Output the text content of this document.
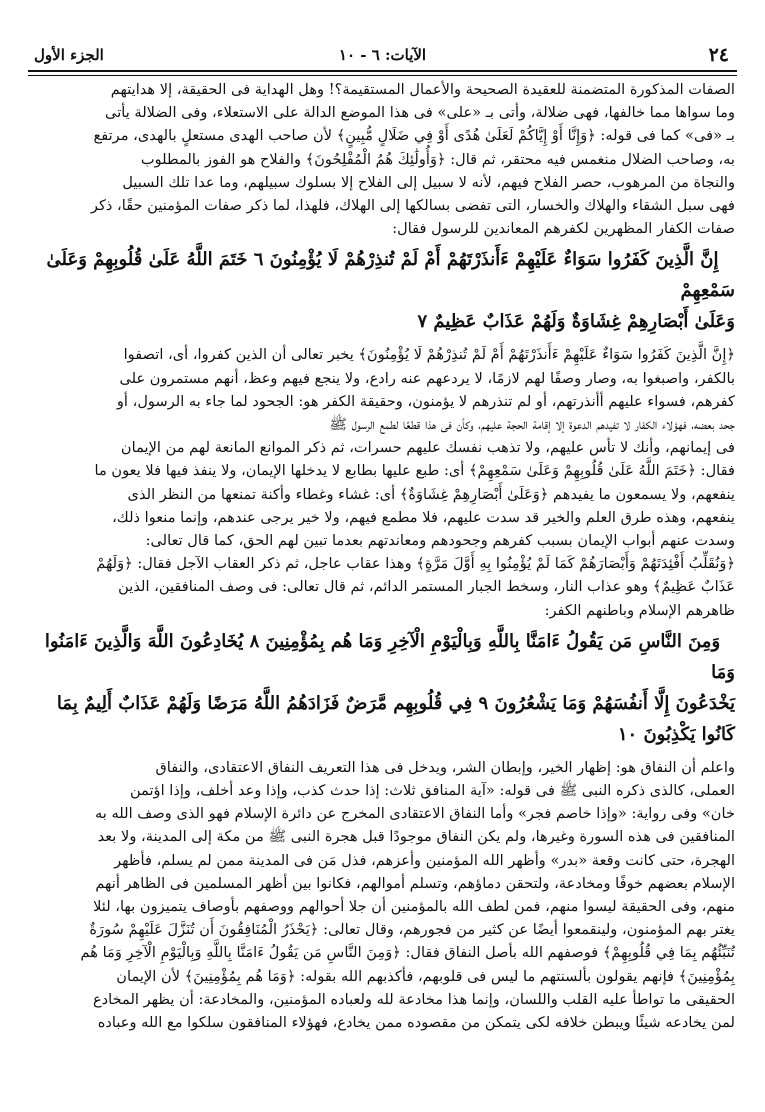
٢٤
الآيات: ٦ - ١٠
الجزء الأول

الصفات المذكورة المتضمنة للعقيدة الصحيحة والأعمال المستقيمة؟! وهل الهداية فى الحقيقة، إلا هدايتهم
وما سواها مما خالفها، فهى ضلالة، وأتى بـ «على» فى هذا الموضع الدالة على الاستعلاء، وفى الضلالة يأتى
بـ «فى» كما فى قوله: ﴿وَإِنَّا أَوْ إِيَّاكُمْ لَعَلَىٰ هُدًى أَوْ فِي ضَلَالٍ مُّبِينٍ﴾ لأن صاحب الهدى مستعلٍ بالهدى، مرتفع
به، وصاحب الضلال منغمس فيه محتقر، ثم قال: ﴿وَأُولَٰئِكَ هُمُ الْمُفْلِحُونَ﴾ والفلاح هو الفوز بالمطلوب
والنجاة من المرهوب، حصر الفلاح فيهم، لأنه لا سبيل إلى الفلاح إلا بسلوك سبيلهم، وما عدا تلك السبيل
فهى سبل الشقاء والهلاك والخسار، التى تفضى بسالكها إلى الهلاك، فلهذا، لما ذكر صفات المؤمنين حقًا، ذكر
صفات الكفار المظهرين لكفرهم المعاندين للرسول فقال:

إِنَّ الَّذِينَ كَفَرُوا سَوَاءٌ عَلَيْهِمْ ءَأَنذَرْتَهُمْ أَمْ لَمْ تُنذِرْهُمْ لَا يُؤْمِنُونَ ٦ خَتَمَ اللَّهُ عَلَىٰ قُلُوبِهِمْ وَعَلَىٰ سَمْعِهِمْ
وَعَلَىٰ أَبْصَارِهِمْ غِشَاوَةٌ وَلَهُمْ عَذَابٌ عَظِيمٌ ٧

﴿إِنَّ الَّذِينَ كَفَرُوا سَوَاءٌ عَلَيْهِمْ ءَأَنذَرْتَهُمْ أَمْ لَمْ تُنذِرْهُمْ لَا يُؤْمِنُونَ﴾ يخبر تعالى أن الذين كفروا، أى، اتصفوا
بالكفر، واصبغوا به، وصار وصفًا لهم لازمًا، لا يردعهم عنه رادع، ولا ينجع فيهم وعظ، أنهم مستمرون على
كفرهم، فسواء عليهم أأنذرتهم، أو لم تنذرهم لا يؤمنون، وحقيقة الكفر هو: الجحود لما جاء به الرسول، أو
جحد بعضه، فهؤلاء الكفار لا تفيدهم الدعوة إلا إقامة الحجة عليهم، وكأن فى هذا قطعًا لطمع الرسول ﷺ
فى إيمانهم، وأنك لا تأس عليهم، ولا تذهب نفسك عليهم حسرات، ثم ذكر الموانع المانعة لهم من الإيمان
فقال: ﴿خَتَمَ اللَّهُ عَلَىٰ قُلُوبِهِمْ وَعَلَىٰ سَمْعِهِمْ﴾ أى: طبع عليها بطابع لا يدخلها الإيمان، ولا ينفذ فيها فلا يعون ما
ينفعهم، ولا يسمعون ما يفيدهم ﴿وَعَلَىٰ أَبْصَارِهِمْ غِشَاوَةٌ﴾ أى: غشاء وغطاء وأكنة تمنعها من النظر الذى
ينفعهم، وهذه طرق العلم والخير قد سدت عليهم، فلا مطمع فيهم، ولا خير يرجى عندهم، وإنما منعوا ذلك،
وسدت عنهم أبواب الإيمان بسبب كفرهم وجحودهم ومعاندتهم بعدما تبين لهم الحق، كما قال تعالى:
﴿وَنُقَلِّبُ أَفْئِدَتَهُمْ وَأَبْصَارَهُمْ كَمَا لَمْ يُؤْمِنُوا بِهِ أَوَّلَ مَرَّةٍ﴾ وهذا عقاب عاجل، ثم ذكر العقاب الآجل فقال: ﴿وَلَهُمْ
عَذَابٌ عَظِيمٌ﴾ وهو عذاب النار، وسخط الجبار المستمر الدائم، ثم قال تعالى: فى وصف المنافقين، الذين
ظاهرهم الإسلام وباطنهم الكفر:

وَمِنَ النَّاسِ مَن يَقُولُ ءَامَنَّا بِاللَّهِ وَبِالْيَوْمِ الْآخِرِ وَمَا هُم بِمُؤْمِنِينَ ٨ يُخَادِعُونَ اللَّهَ وَالَّذِينَ ءَامَنُوا وَمَا
يَخْدَعُونَ إِلَّا أَنفُسَهُمْ وَمَا يَشْعُرُونَ ٩ فِي قُلُوبِهِم مَّرَضٌ فَزَادَهُمُ اللَّهُ مَرَضًا وَلَهُمْ عَذَابٌ أَلِيمٌ بِمَا
كَانُوا يَكْذِبُونَ ١٠

واعلم أن النفاق هو: إظهار الخير، وإبطان الشر، ويدخل فى هذا التعريف النفاق الاعتقادى، والنفاق
العملى، كالذى ذكره النبى ﷺ فى قوله: «آية المنافق ثلاث: إذا حدث كذب، وإذا وعد أخلف، وإذا اؤتمن
خان» وفى رواية: «وإذا خاصم فجر» وأما النفاق الاعتقادى المخرج عن دائرة الإسلام فهو الذى وصف الله به
المنافقين فى هذه السورة وغيرها، ولم يكن النفاق موجودًا قبل هجرة النبى ﷺ من مكة إلى المدينة، ولا بعد
الهجرة، حتى كانت وقعة «بدر» وأظهر الله المؤمنين وأعزهم، فذل مَن فى المدينة ممن لم يسلم، فأظهر
الإسلام بعضهم خوفًا ومخادعة، ولتحقن دماؤهم، وتسلم أموالهم، فكانوا بين أظهر المسلمين فى الظاهر أنهم
منهم، وفى الحقيقة ليسوا منهم، فمن لطف الله بالمؤمنين أن جلا أحوالهم ووصفهم بأوصاف يتميزون بها، لئلا
يغتر بهم المؤمنون، ولينقمعوا أيضًا عن كثير من فجورهم، وقال تعالى: ﴿يَحْذَرُ الْمُنَافِقُونَ أَن تُنَزَّلَ عَلَيْهِمْ سُورَةٌ
تُنَبِّئُهُم بِمَا فِي قُلُوبِهِمْ﴾ فوصفهم الله بأصل النفاق فقال: ﴿وَمِنَ النَّاسِ مَن يَقُولُ ءَامَنَّا بِاللَّهِ وَبِالْيَوْمِ الْآخِرِ وَمَا هُم
بِمُؤْمِنِينَ﴾ فإنهم يقولون بألسنتهم ما ليس فى قلوبهم، فأكذبهم الله بقوله: ﴿وَمَا هُم بِمُؤْمِنِينَ﴾ لأن الإيمان
الحقيقى ما تواطأ عليه القلب واللسان، وإنما هذا مخادعة لله ولعباده المؤمنين، والمخادعة: أن يظهر المخادع
لمن يخادعه شيئًا ويبطن خلافه لكى يتمكن من مقصوده ممن يخادع، فهؤلاء المنافقون سلكوا مع الله وعباده
